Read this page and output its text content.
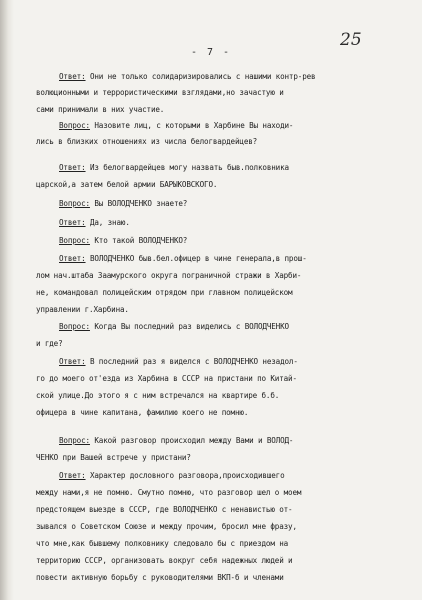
- 7 -
25
Ответ: Они не только солидаризировались с нашими контр-рев
волюционными и террористическими взглядами,но зачастую и
сами принимали в них участие.
Вопрос: Назовите лиц, с которыми в Харбине Вы находи-
лись в близких отношениях из числа белогвардейцев?
Ответ: Из белогвардейцев могу назвать быв.полковника
царской,а затем белой армии БАРЫКОВСКОГО.
Вопрос: Вы ВОЛОДЧЕНКО знаете?
Ответ: Да, знаю.
Вопрос: Кто такой ВОЛОДЧЕНКО?
Ответ: ВОЛОДЧЕНКО быв.бел.офицер в чине генерала,в прош-
лом нач.штаба Заамурского округа пограничной стражи в Харби-
не, командовал полицейским отрядом при главном полицейском
управлении г.Харбина.
Вопрос: Когда Вы последний раз виделись с ВОЛОДЧЕНКО
и где?
Ответ: В последний раз я виделся с ВОЛОДЧЕНКО незадол-
го до моего от'езда из Харбина в СССР на пристани по Китай-
ской улице.До этого я с ним встречался на квартире б.б.
офицера в чине капитана, фамилию коего не помню.
Вопрос: Какой разговор происходил между Вами и ВОЛОД-
ЧЕНКО при Вашей встрече у пристани?
Ответ: Характер дословного разговора,происходившего
между нами,я не помню. Смутно помню, что разговор шел о моем
предстоящем выезде в СССР, где ВОЛОДЧЕНКО с ненавистью от-
зывался о Советском Союзе и между прочим, бросил мне фразу,
что мне,как бывшему полковнику следовало бы с приездом на
территорию СССР, организовать вокруг себя надежных людей и
повести активную борьбу с руководителями ВКП-б и членами
